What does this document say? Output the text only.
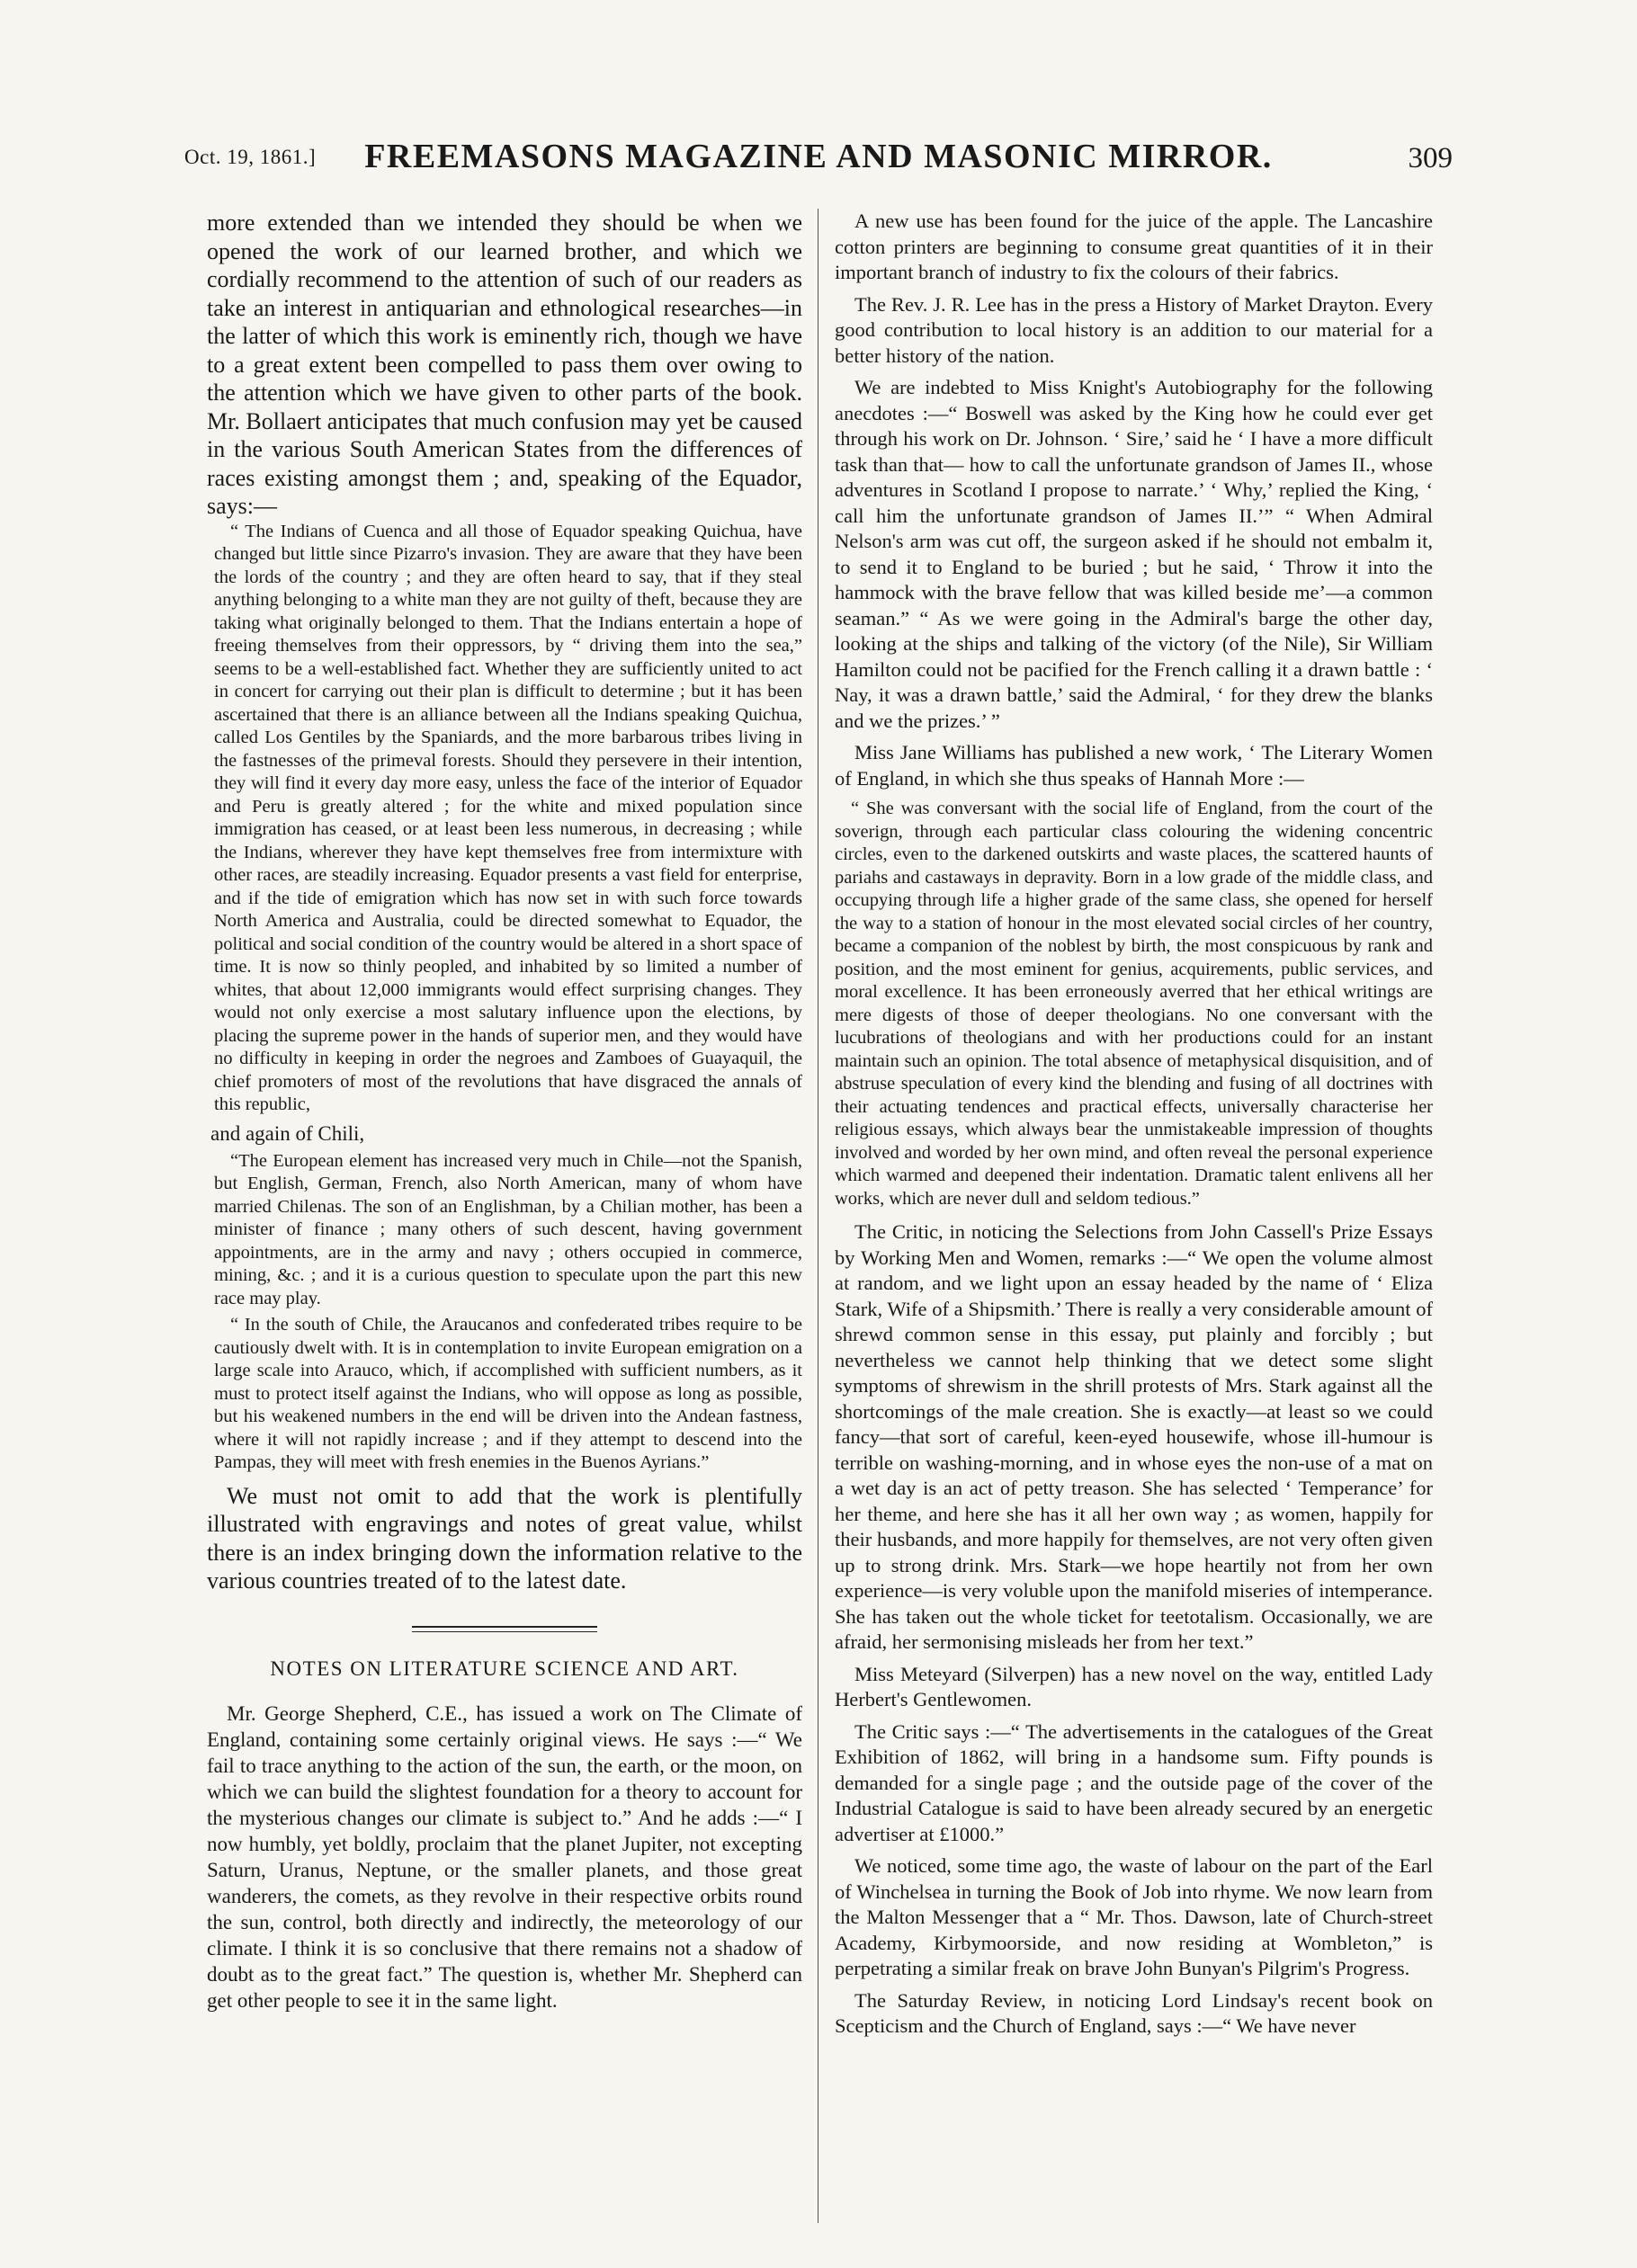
Oct. 19, 1861.]	FREEMASONS MAGAZINE AND MASONIC MIRROR.	309

more extended than we intended they should be when we opened the work of our learned brother, and which we cordially recommend to the attention of such of our readers as take an interest in antiquarian and ethnological researches—in the latter of which this work is eminently rich, though we have to a great extent been compelled to pass them over owing to the attention which we have given to other parts of the book. Mr. Bollaert anticipates that much confusion may yet be caused in the various South American States from the differences of races existing amongst them ; and, speaking of the Equador, says:—

“ The Indians of Cuenca and all those of Equador speaking Quichua, have changed but little since Pizarro's invasion. They are aware that they have been the lords of the country ; and they are often heard to say, that if they steal anything belonging to a white man they are not guilty of theft, because they are taking what originally belonged to them. That the Indians entertain a hope of freeing themselves from their oppressors, by “ driving them into the sea,” seems to be a well-established fact. Whether they are sufficiently united to act in concert for carrying out their plan is difficult to determine ; but it has been ascertained that there is an alliance between all the Indians speaking Quichua, called Los Gentiles by the Spaniards, and the more barbarous tribes living in the fastnesses of the primeval forests. Should they persevere in their intention, they will find it every day more easy, unless the face of the interior of Equador and Peru is greatly altered ; for the white and mixed population since immigration has ceased, or at least been less numerous, in decreasing ; while the Indians, wherever they have kept themselves free from intermixture with other races, are steadily increasing. Equador presents a vast field for enterprise, and if the tide of emigration which has now set in with such force towards North America and Australia, could be directed somewhat to Equador, the political and social condition of the country would be altered in a short space of time. It is now so thinly peopled, and inhabited by so limited a number of whites, that about 12,000 immigrants would effect surprising changes. They would not only exercise a most salutary influence upon the elections, by placing the supreme power in the hands of superior men, and they would have no difficulty in keeping in order the negroes and Zamboes of Guayaquil, the chief promoters of most of the revolutions that have disgraced the annals of this republic,

and again of Chili,

“The European element has increased very much in Chile—not the Spanish, but English, German, French, also North American, many of whom have married Chilenas. The son of an Englishman, by a Chilian mother, has been a minister of finance ; many others of such descent, having government appointments, are in the army and navy ; others occupied in commerce, mining, &c. ; and it is a curious question to speculate upon the part this new race may play.

“ In the south of Chile, the Araucanos and confederated tribes require to be cautiously dwelt with. It is in contemplation to invite European emigration on a large scale into Arauco, which, if accomplished with sufficient numbers, as it must to protect itself against the Indians, who will oppose as long as possible, but his weakened numbers in the end will be driven into the Andean fastness, where it will not rapidly increase ; and if they attempt to descend into the Pampas, they will meet with fresh enemies in the Buenos Ayrians.”

We must not omit to add that the work is plentifully illustrated with engravings and notes of great value, whilst there is an index bringing down the information relative to the various countries treated of to the latest date.

NOTES ON LITERATURE SCIENCE AND ART.

Mr. George Shepherd, C.E., has issued a work on The Climate of England, containing some certainly original views. He says :—“ We fail to trace anything to the action of the sun, the earth, or the moon, on which we can build the slightest foundation for a theory to account for the mysterious changes our climate is subject to.” And he adds :—“ I now humbly, yet boldly, proclaim that the planet Jupiter, not excepting Saturn, Uranus, Neptune, or the smaller planets, and those great wanderers, the comets, as they revolve in their respective orbits round the sun, control, both directly and indirectly, the meteorology of our climate. I think it is so conclusive that there remains not a shadow of doubt as to the great fact.” The question is, whether Mr. Shepherd can get other people to see it in the same light.

A new use has been found for the juice of the apple. The Lancashire cotton printers are beginning to consume great quantities of it in their important branch of industry to fix the colours of their fabrics.

The Rev. J. R. Lee has in the press a History of Market Drayton. Every good contribution to local history is an addition to our material for a better history of the nation.

We are indebted to Miss Knight's Autobiography for the following anecdotes :—“ Boswell was asked by the King how he could ever get through his work on Dr. Johnson. ‘ Sire,’ said he ‘ I have a more difficult task than that— how to call the unfortunate grandson of James II., whose adventures in Scotland I propose to narrate.’ ‘ Why,’ replied the King, ‘ call him the unfortunate grandson of James II.’” “ When Admiral Nelson's arm was cut off, the surgeon asked if he should not embalm it, to send it to England to be buried ; but he said, ‘ Throw it into the hammock with the brave fellow that was killed beside me’—a common seaman.” “ As we were going in the Admiral's barge the other day, looking at the ships and talking of the victory (of the Nile), Sir William Hamilton could not be pacified for the French calling it a drawn battle : ‘ Nay, it was a drawn battle,’ said the Admiral, ‘ for they drew the blanks and we the prizes.’ ”

Miss Jane Williams has published a new work, ‘ The Literary Women of England, in which she thus speaks of Hannah More :—

“ She was conversant with the social life of England, from the court of the soverign, through each particular class colouring the widening concentric circles, even to the darkened outskirts and waste places, the scattered haunts of pariahs and castaways in depravity. Born in a low grade of the middle class, and occupying through life a higher grade of the same class, she opened for herself the way to a station of honour in the most elevated social circles of her country, became a companion of the noblest by birth, the most conspicuous by rank and position, and the most eminent for genius, acquirements, public services, and moral excellence. It has been erroneously averred that her ethical writings are mere digests of those of deeper theologians. No one conversant with the lucubrations of theologians and with her productions could for an instant maintain such an opinion. The total absence of metaphysical disquisition, and of abstruse speculation of every kind the blending and fusing of all doctrines with their actuating tendences and practical effects, universally characterise her religious essays, which always bear the unmistakeable impression of thoughts involved and worded by her own mind, and often reveal the personal experience which warmed and deepened their indentation. Dramatic talent enlivens all her works, which are never dull and seldom tedious.”

The Critic, in noticing the Selections from John Cassell's Prize Essays by Working Men and Women, remarks :—“ We open the volume almost at random, and we light upon an essay headed by the name of ‘ Eliza Stark, Wife of a Shipsmith.’ There is really a very considerable amount of shrewd common sense in this essay, put plainly and forcibly ; but nevertheless we cannot help thinking that we detect some slight symptoms of shrewism in the shrill protests of Mrs. Stark against all the shortcomings of the male creation. She is exactly—at least so we could fancy—that sort of careful, keen-eyed housewife, whose ill-humour is terrible on washing-morning, and in whose eyes the non-use of a mat on a wet day is an act of petty treason. She has selected ‘ Temperance’ for her theme, and here she has it all her own way ; as women, happily for their husbands, and more happily for themselves, are not very often given up to strong drink. Mrs. Stark—we hope heartily not from her own experience—is very voluble upon the manifold miseries of intemperance. She has taken out the whole ticket for teetotalism. Occasionally, we are afraid, her sermonising misleads her from her text.”

Miss Meteyard (Silverpen) has a new novel on the way, entitled Lady Herbert's Gentlewomen.

The Critic says :—“ The advertisements in the catalogues of the Great Exhibition of 1862, will bring in a handsome sum. Fifty pounds is demanded for a single page ; and the outside page of the cover of the Industrial Catalogue is said to have been already secured by an energetic advertiser at £1000.”

We noticed, some time ago, the waste of labour on the part of the Earl of Winchelsea in turning the Book of Job into rhyme. We now learn from the Malton Messenger that a “ Mr. Thos. Dawson, late of Church-street Academy, Kirbymoorside, and now residing at Wombleton,” is perpetrating a similar freak on brave John Bunyan's Pilgrim's Progress.

The Saturday Review, in noticing Lord Lindsay's recent book on Scepticism and the Church of England, says :—“ We have never
